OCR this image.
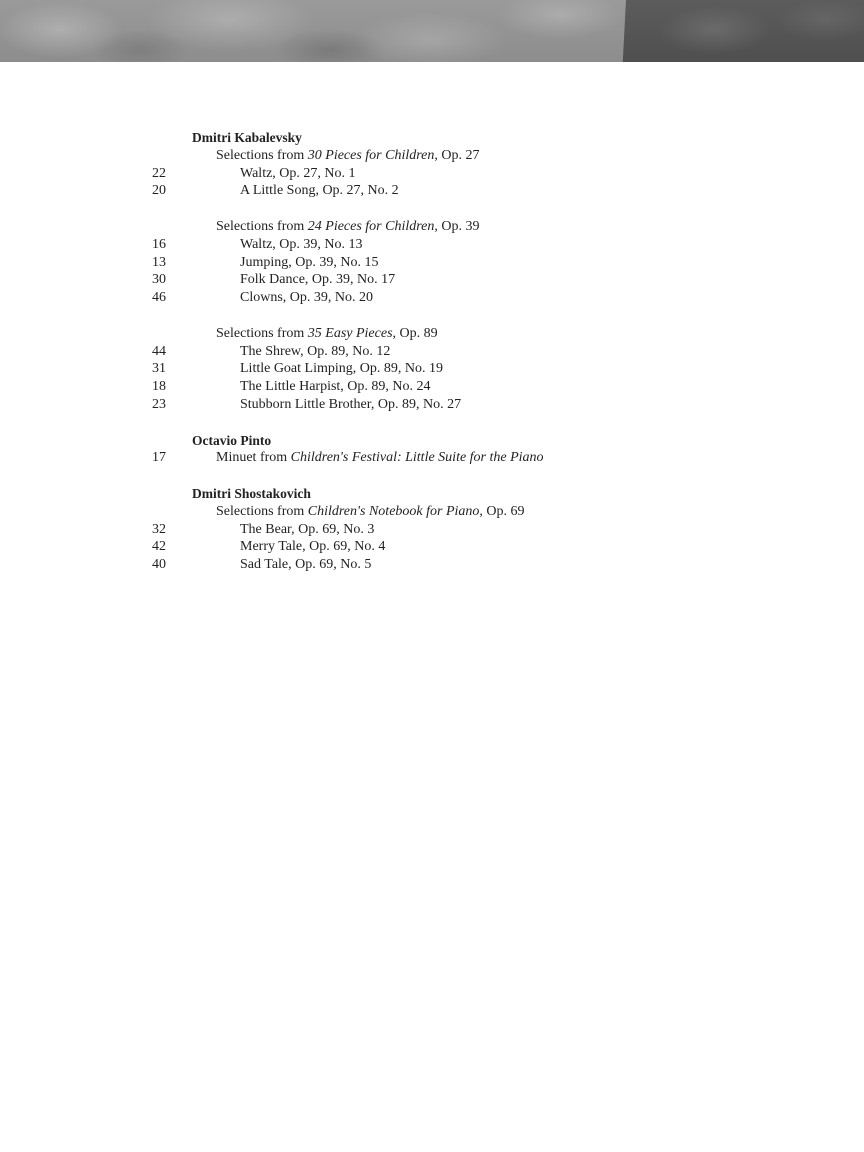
Dmitri Kabalevsky
Selections from 30 Pieces for Children, Op. 27
22	Waltz, Op. 27, No. 1
20	A Little Song, Op. 27, No. 2
Selections from 24 Pieces for Children, Op. 39
16	Waltz, Op. 39, No. 13
13	Jumping, Op. 39, No. 15
30	Folk Dance, Op. 39, No. 17
46	Clowns, Op. 39, No. 20
Selections from 35 Easy Pieces, Op. 89
44	The Shrew, Op. 89, No. 12
31	Little Goat Limping, Op. 89, No. 19
18	The Little Harpist, Op. 89, No. 24
23	Stubborn Little Brother, Op. 89, No. 27
Octavio Pinto
17	Minuet from Children's Festival: Little Suite for the Piano
Dmitri Shostakovich
Selections from Children's Notebook for Piano, Op. 69
32	The Bear, Op. 69, No. 3
42	Merry Tale, Op. 69, No. 4
40	Sad Tale, Op. 69, No. 5
